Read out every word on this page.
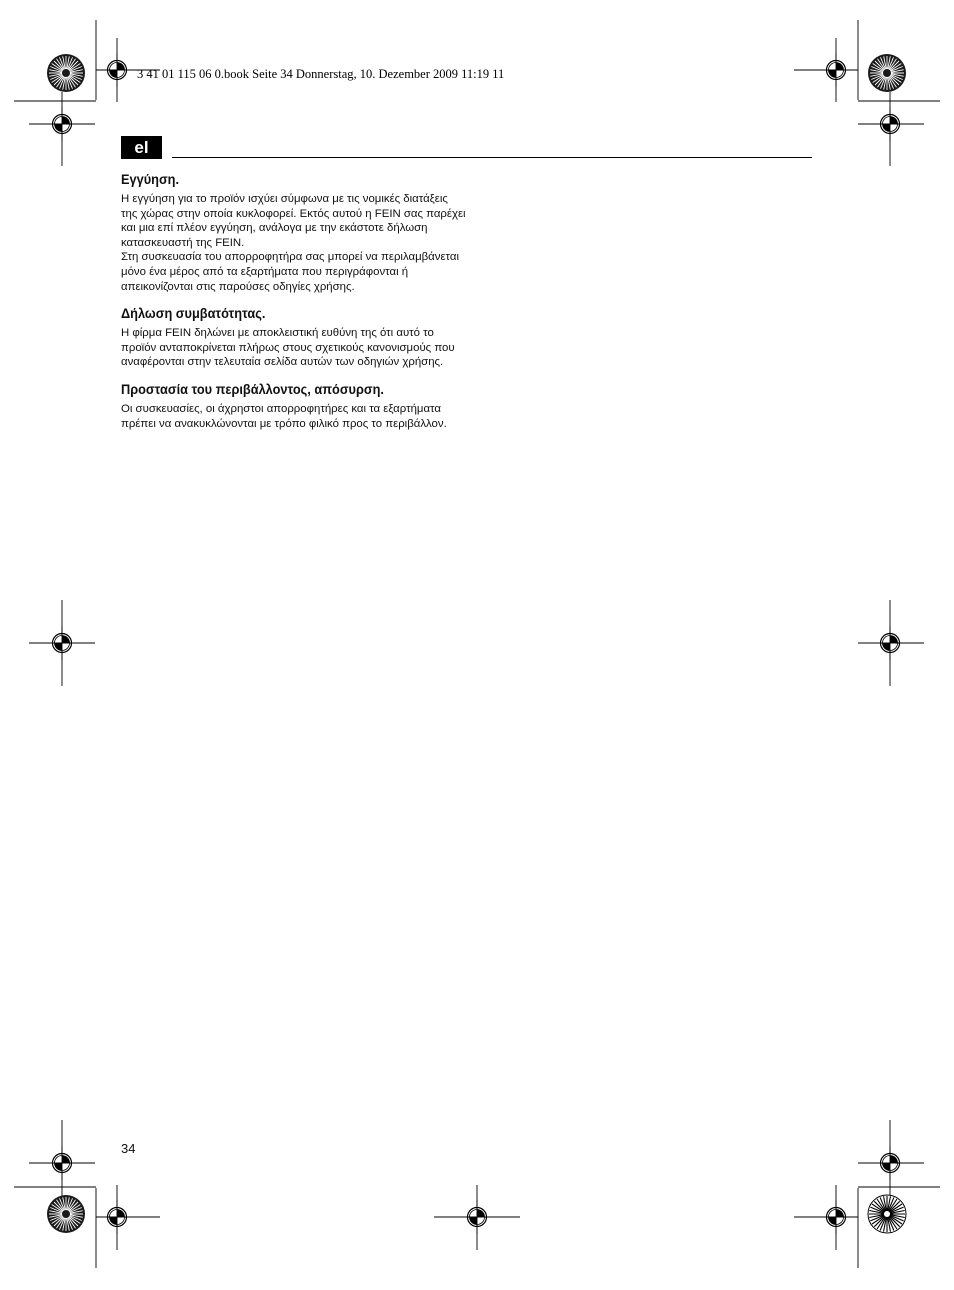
3 41 01 115 06 0.book Seite 34 Donnerstag, 10. Dezember 2009 11:19 11

el

Εγγύηση.

Η εγγύηση για το προϊόν ισχύει σύμφωνα με τις νομικές διατάξεις της χώρας στην οποία κυκλοφορεί. Εκτός αυτού η FEIN σας παρέχει και μια επί πλέον εγγύηση, ανάλογα με την εκάστοτε δήλωση κατασκευαστή της FEIN.

Στη συσκευασία του απορροφητήρα σας μπορεί να περιλαμβάνεται μόνο ένα μέρος από τα εξαρτήματα που περιγράφονται ή απεικονίζονται στις παρούσες οδηγίες χρήσης.

Δήλωση συμβατότητας.

Η φίρμα FEIN δηλώνει με αποκλειστική ευθύνη της ότι αυτό το προϊόν ανταποκρίνεται πλήρως στους σχετικούς κανονισμούς που αναφέρονται στην τελευταία σελίδα αυτών των οδηγιών χρήσης.

Προστασία του περιβάλλοντος, απόσυρση.

Οι συσκευασίες, οι άχρηστοι απορροφητήρες και τα εξαρτήματα πρέπει να ανακυκλώνονται με τρόπο φιλικό προς το περιβάλλον.

34
